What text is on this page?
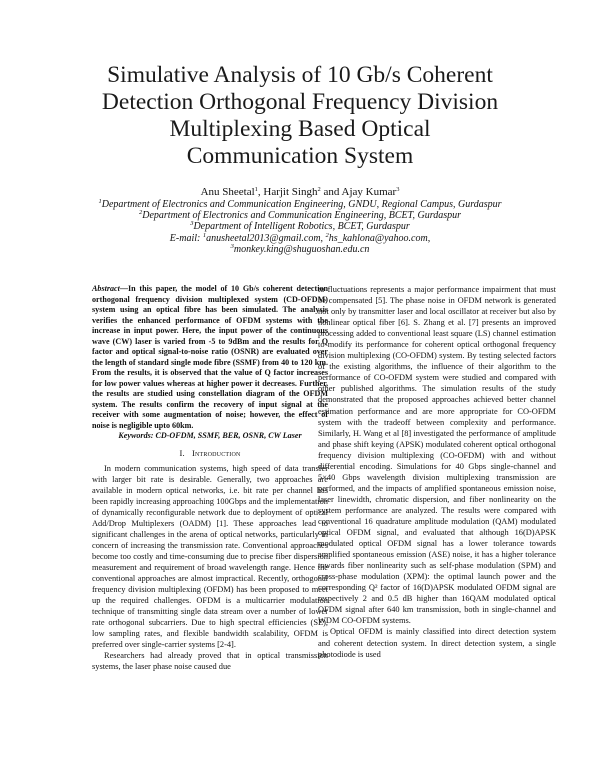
Simulative Analysis of 10 Gb/s Coherent
Detection Orthogonal Frequency Division
Multiplexing Based Optical
Communication System
Anu Sheetal$^1$, Harjit Singh$^2$ and Ajay Kumar$^3$
$^1$Department of Electronics and Communication Engineering, GNDU, Regional Campus, Gurdaspur
$^2$Department of Electronics and Communication Engineering, BCET, Gurdaspur
$^3$Department of Intelligent Robotics, BCET, Gurdaspur
E-mail: $^1$anusheetal2013@gmail.com, $^2$hs_kahlona@yahoo.com,
$^3$monkey.king@shuguoshan.edu.cn
Abstract—In this paper, the model of 10 Gb/s coherent detection orthogonal frequency division multiplexed system (CD-OFDM) system using an optical fibre has been simulated. The analysis verifies the enhanced performance of OFDM systems with the increase in input power. Here, the input power of the continuous wave (CW) laser is varied from -5 to 9dBm and the results for Q factor and optical signal-to-noise ratio (OSNR) are evaluated over the length of standard single mode fibre (SSMF) from 40 to 120 km. From the results, it is observed that the value of Q factor increases for low power values whereas at higher power it decreases. Further, the results are studied using constellation diagram of the OFDM system. The results confirm the recovery of input signal at the receiver with some augmentation of noise; however, the effect of noise is negligible upto 60km.
Keywords: CD-OFDM, SSMF, BER, OSNR, CW Laser
I. Introduction

In modern communication systems, high speed of data transfer with larger bit rate is desirable. Generally, two approaches are available in modern optical networks, i.e. bit rate per channel has been rapidly increasing approaching 100Gbps and the implementation of dynamically reconfigurable network due to deployment of optical Add/Drop Multiplexers (OADM) [1]. These approaches lead to significant challenges in the arena of optical networks, particularly in concern of increasing the transmission rate. Conventional approaches become too costly and time-consuming due to precise fiber dispersion measurement and requirement of broad wavelength range. Hence the conventional approaches are almost impractical. Recently, orthogonal frequency division multiplexing (OFDM) has been proposed to meet up the required challenges. OFDM is a multicarrier modulation technique of transmitting single data stream over a number of lower rate orthogonal subcarriers. Due to high spectral efficiencies (SE), low sampling rates, and flexible bandwidth scalability, OFDM is preferred over single-carrier systems [2-4].

Researchers had already proved that in optical transmission systems, the laser phase noise caused due

to fluctuations represents a major performance impairment that must be compensated [5]. The phase noise in OFDM network is generated not only by transmitter laser and local oscillator at receiver but also by nonlinear optical fiber [6]. S. Zhang et al. [7] presents an improved processing added to conventional least square (LS) channel estimation to modify its performance for coherent optical orthogonal frequency division multiplexing (CO-OFDM) system. By testing selected factors of the existing algorithms, the influence of their algorithm to the performance of CO-OFDM system were studied and compared with other published algorithms. The simulation results of the study demonstrated that the proposed approaches achieved better channel estimation performance and are more appropriate for CO-OFDM system with the tradeoff between complexity and performance. Similarly, H. Wang et al [8] investigated the performance of amplitude and phase shift keying (APSK) modulated coherent optical orthogonal frequency division multiplexing (CO-OFDM) with and without differential encoding. Simulations for 40 Gbps single-channel and 5×40 Gbps wavelength division multiplexing transmission are performed, and the impacts of amplified spontaneous emission noise, laser linewidth, chromatic dispersion, and fiber nonlinearity on the system performance are analyzed. The results were compared with conventional 16 quadrature amplitude modulation (QAM) modulated optical OFDM signal, and evaluated that although 16(D)APSK modulated optical OFDM signal has a lower tolerance towards amplified spontaneous emission (ASE) noise, it has a higher tolerance towards fiber nonlinearity such as self-phase modulation (SPM) and cross-phase modulation (XPM): the optimal launch power and the corresponding Q² factor of 16(D)APSK modulated OFDM signal are respectively 2 and 0.5 dB higher than 16QAM modulated optical OFDM signal after 640 km transmission, both in single-channel and WDM CO-OFDM systems.

Optical OFDM is mainly classified into direct detection system and coherent detection system. In direct detection system, a single photodiode is used
